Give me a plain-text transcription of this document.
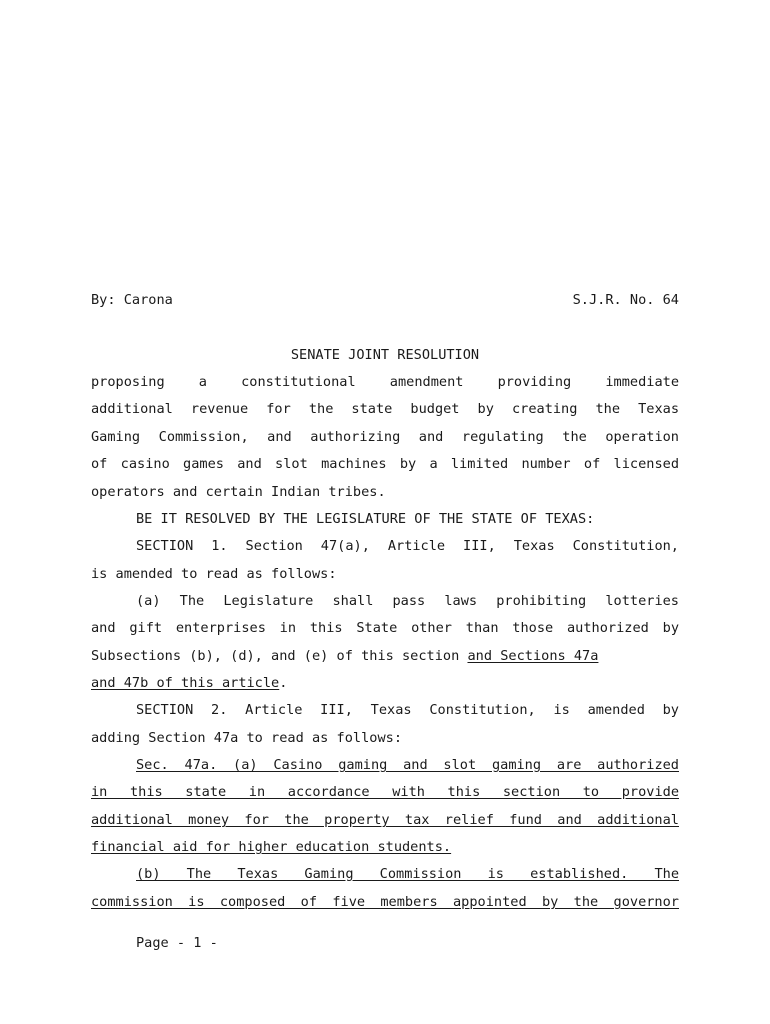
By: Carona	S.J.R. No. 64
SENATE JOINT RESOLUTION
proposing a constitutional amendment providing immediate
additional revenue for the state budget by creating the Texas
Gaming Commission, and authorizing and regulating the operation
of casino games and slot machines by a limited number of licensed
operators and certain Indian tribes.
BE IT RESOLVED BY THE LEGISLATURE OF THE STATE OF TEXAS:
SECTION 1. Section 47(a), Article III, Texas Constitution,
is amended to read as follows:
(a) The Legislature shall pass laws prohibiting lotteries
and gift enterprises in this State other than those authorized by
Subsections (b), (d), and (e) of this section and Sections 47a
and 47b of this article.
SECTION 2. Article III, Texas Constitution, is amended by
adding Section 47a to read as follows:
Sec. 47a. (a) Casino gaming and slot gaming are authorized
in this state in accordance with this section to provide
additional money for the property tax relief fund and additional
financial aid for higher education students.
(b) The Texas Gaming Commission is established. The
commission is composed of five members appointed by the governor
Page - 1 -
